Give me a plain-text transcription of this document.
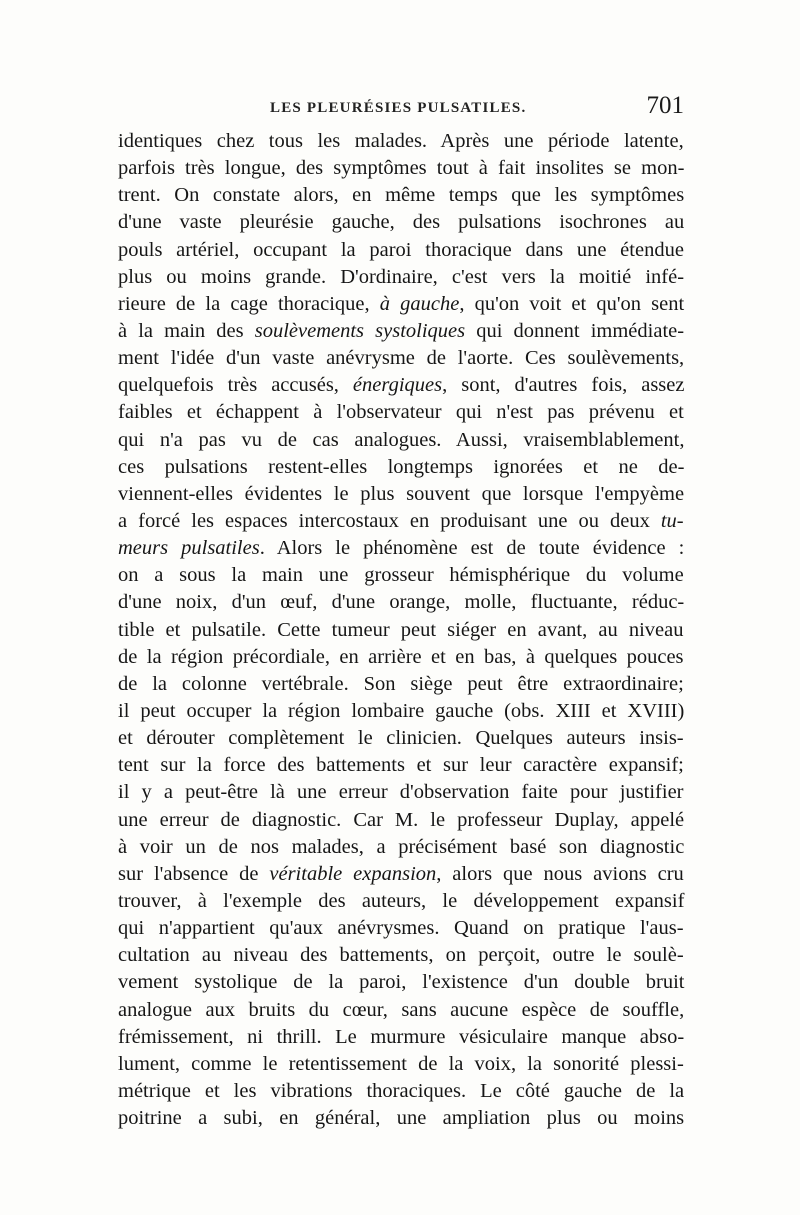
LES PLEURÉSIES PULSATILES.	701
identiques chez tous les malades. Après une période latente,
parfois très longue, des symptômes tout à fait insolites se mon-
trent. On constate alors, en même temps que les symptômes
d'une vaste pleurésie gauche, des pulsations isochrones au
pouls artériel, occupant la paroi thoracique dans une étendue
plus ou moins grande. D'ordinaire, c'est vers la moitié infé-
rieure de la cage thoracique, à gauche, qu'on voit et qu'on sent
à la main des soulèvements systoliques qui donnent immédiate-
ment l'idée d'un vaste anévrysme de l'aorte. Ces soulèvements,
quelquefois très accusés, énergiques, sont, d'autres fois, assez
faibles et échappent à l'observateur qui n'est pas prévenu et
qui n'a pas vu de cas analogues. Aussi, vraisemblablement,
ces pulsations restent-elles longtemps ignorées et ne de-
viennent-elles évidentes le plus souvent que lorsque l'empyème
a forcé les espaces intercostaux en produisant une ou deux tu-
meurs pulsatiles. Alors le phénomène est de toute évidence :
on a sous la main une grosseur hémisphérique du volume
d'une noix, d'un œuf, d'une orange, molle, fluctuante, réduc-
tible et pulsatile. Cette tumeur peut siéger en avant, au niveau
de la région précordiale, en arrière et en bas, à quelques pouces
de la colonne vertébrale. Son siège peut être extraordinaire;
il peut occuper la région lombaire gauche (obs. XIII et XVIII)
et dérouter complètement le clinicien. Quelques auteurs insis-
tent sur la force des battements et sur leur caractère expansif;
il y a peut-être là une erreur d'observation faite pour justifier
une erreur de diagnostic. Car M. le professeur Duplay, appelé
à voir un de nos malades, a précisément basé son diagnostic
sur l'absence de véritable expansion, alors que nous avions cru
trouver, à l'exemple des auteurs, le développement expansif
qui n'appartient qu'aux anévrysmes. Quand on pratique l'aus-
cultation au niveau des battements, on perçoit, outre le soulè-
vement systolique de la paroi, l'existence d'un double bruit
analogue aux bruits du cœur, sans aucune espèce de souffle,
frémissement, ni thrill. Le murmure vésiculaire manque abso-
lument, comme le retentissement de la voix, la sonorité plessi-
métrique et les vibrations thoraciques. Le côté gauche de la
poitrine a subi, en général, une ampliation plus ou moins
